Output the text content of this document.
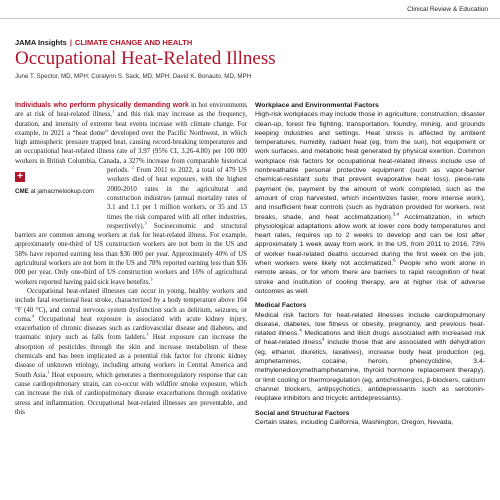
Clinical Review & Education
JAMA Insights | CLIMATE CHANGE AND HEALTH
Occupational Heat-Related Illness
June T. Spector, MD, MPH; Coralynn S. Sack, MD, MPH; David K. Bonauto, MD, MPH

Individuals who perform physically demanding work in hot environments are at risk of heat-related illness,$^1$ and this risk may increase as the frequency, duration, and intensity of extreme heat events increase with climate change. For example, in 2021 a “heat dome” developed over the Pacific Northwest, in which high atmospheric pressure trapped heat, causing record-breaking temperatures and an occupational heat-related illness rate of 3.97 (95% CI, 3.26-4.80) per 100 000 workers in British Columbia, Canada, a 327% increase from comparable historical periods.
+
CME at jamacmelookup.com
$^2$ From 2011 to 2022, a total of 479 US workers died of heat exposure, with the highest 2000-2010 rates in the agricultural and construction industries (annual mortality rates of 3.1 and 1.1 per 1 million workers, or 35 and 13 times the risk compared with all other industries, respectively).$^3$ Socioeconomic and structural barriers are common among workers at risk for heat-related illness. For example, approximately one-third of US construction workers are not born in the US and 58% have reported earning less than $36 000 per year. Approximately 40% of US agricultural workers are not born in the US and 78% reported earning less than $36 000 per year. Only one-third of US construction workers and 16% of agricultural workers reported having paid sick leave benefits.$^3$

Occupational heat-related illnesses can occur in young, healthy workers and include fatal exertional heat stroke, characterized by a body temperature above 104 °F (40 °C), and central nervous system dysfunction such as delirium, seizures, or coma.$^4$ Occupational heat exposure is associated with acute kidney injury, exacerbation of chronic diseases such as cardiovascular disease and diabetes, and traumatic injury such as falls from ladders.$^1$ Heat exposure can increase the absorption of pesticides through the skin and increase metabolism of these chemicals and has been implicated as a potential risk factor for chronic kidney disease of unknown etiology, including among workers in Central America and South Asia.$^1$ Heat exposure, which generates a thermoregulatory response that can cause cardiopulmonary strain, can co-occur with wildfire smoke exposure, which can increase the risk of cardiopulmonary disease exacerbations through oxidative stress and inflammation. Occupational heat-related illnesses are preventable, and this

Workplace and Environmental Factors

High-risk workplaces may include those in agriculture, construction, disaster clean-up, forest fire fighting, transportation, foundry, mining, and grounds keeping industries and settings. Heat stress is affected by ambient temperatures, humidity, radiant heat (eg, from the sun), hot equipment or work surfaces, and metabolic heat generated by physical exertion. Common workplace risk factors for occupational heat-related illness include use of nonbreathable personal protective equipment (such as vapor-barrier chemical-resistant suits that prevent evaporative heat loss), piece-rate payment (ie, payment by the amount of work completed, such as the amount of crop harvested, which incentivizes faster, more intense work), and insufficient heat controls (such as hydration provided for workers, rest breaks, shade, and heat acclimatization).$^{3,4}$ Acclimatization, in which physiological adaptations allow work at lower core body temperatures and heart rates, requires up to 2 weeks to develop and can be lost after approximately 1 week away from work. In the US, from 2011 to 2016, 73% of worker heat-related deaths occurred during the first week on the job, when workers were likely not acclimatized.$^6$ People who work alone in remote areas, or for whom there are barriers to rapid recognition of heat stroke and institution of cooling therapy, are at higher risk of adverse outcomes as well.

Medical Factors

Medical risk factors for heat-related illnesses include cardiopulmonary disease, diabetes, low fitness or obesity, pregnancy, and previous heat-related illness.$^4$ Medications and illicit drugs associated with increased risk of heat-related illness$^4$ include those that are associated with dehydration (eg, ethanol, diuretics, laxatives), increase body heat production (eg, amphetamines, cocaine, heroin, phencyclidine, 3,4-methylenedioxymethamphetamine, thyroid hormone replacement therapy), or limit cooling or thermoregulation (eg, anticholinergics, β-blockers, calcium channel blockers, antipsychotics, antidepressants such as serotonin-reuptake inhibitors and tricyclic antidepressants).

Social and Structural Factors

Certain states, including California, Washington, Oregon, Nevada,
